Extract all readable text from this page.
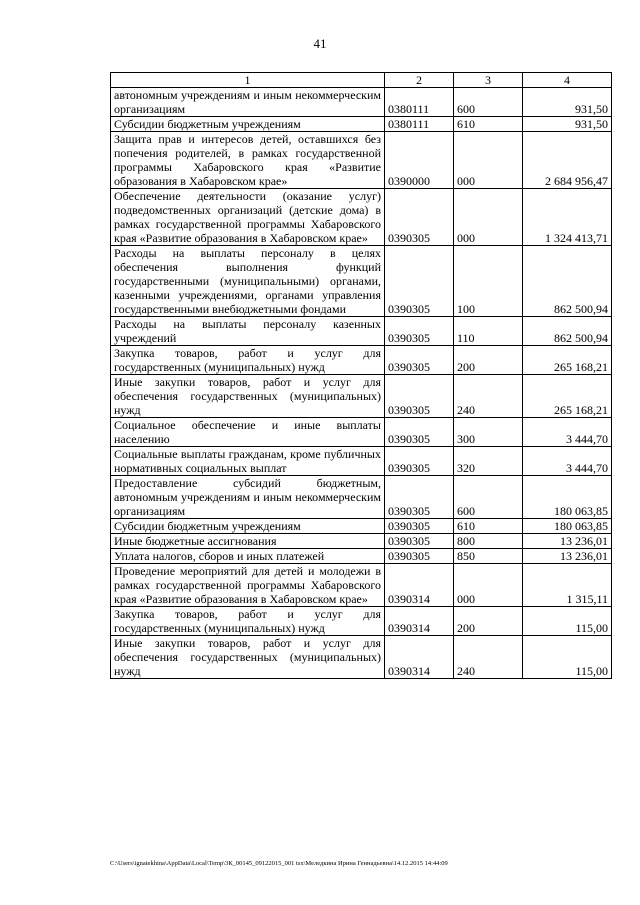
41
1	2	3	4
автономным учреждениям и иным некоммерческим организациям	0380111	600	931,50
Субсидии бюджетным учреждениям	0380111	610	931,50
Защита прав и интересов детей, оставшихся без попечения родителей, в рамках государственной программы Хабаровского края «Развитие образования в Хабаровском крае»	0390000	000	2 684 956,47
Обеспечение деятельности (оказание услуг) подведомственных организаций (детские дома) в рамках государственной программы Хабаровского края «Развитие образования в Хабаровском крае»	0390305	000	1 324 413,71
Расходы на выплаты персоналу в целях обеспечения выполнения функций государственными (муниципальными) органами, казенными учреждениями, органами управления государственными внебюджетными фондами	0390305	100	862 500,94
Расходы на выплаты персоналу казенных учреждений	0390305	110	862 500,94
Закупка товаров, работ и услуг для государственных (муниципальных) нужд	0390305	200	265 168,21
Иные закупки товаров, работ и услуг для обеспечения государственных (муниципальных) нужд	0390305	240	265 168,21
Социальное обеспечение и иные выплаты населению	0390305	300	3 444,70
Социальные выплаты гражданам, кроме публичных нормативных социальных выплат	0390305	320	3 444,70
Предоставление субсидий бюджетным, автономным учреждениям и иным некоммерческим организациям	0390305	600	180 063,85
Субсидии бюджетным учреждениям	0390305	610	180 063,85
Иные бюджетные ассигнования	0390305	800	13 236,01
Уплата налогов, сборов и иных платежей	0390305	850	13 236,01
Проведение мероприятий для детей и молодежи в рамках государственной программы Хабаровского края «Развитие образования в Хабаровском крае»	0390314	000	1 315,11
Закупка товаров, работ и услуг для государственных (муниципальных) нужд	0390314	200	115,00
Иные закупки товаров, работ и услуг для обеспечения государственных (муниципальных) нужд	0390314	240	115,00
C:\Users\ignatekhina\AppData\Local\Temp\3К_00145_09122015_001 tsx\Меледкина Ирина Геннадьевна\14.12.2015 14:44:09
